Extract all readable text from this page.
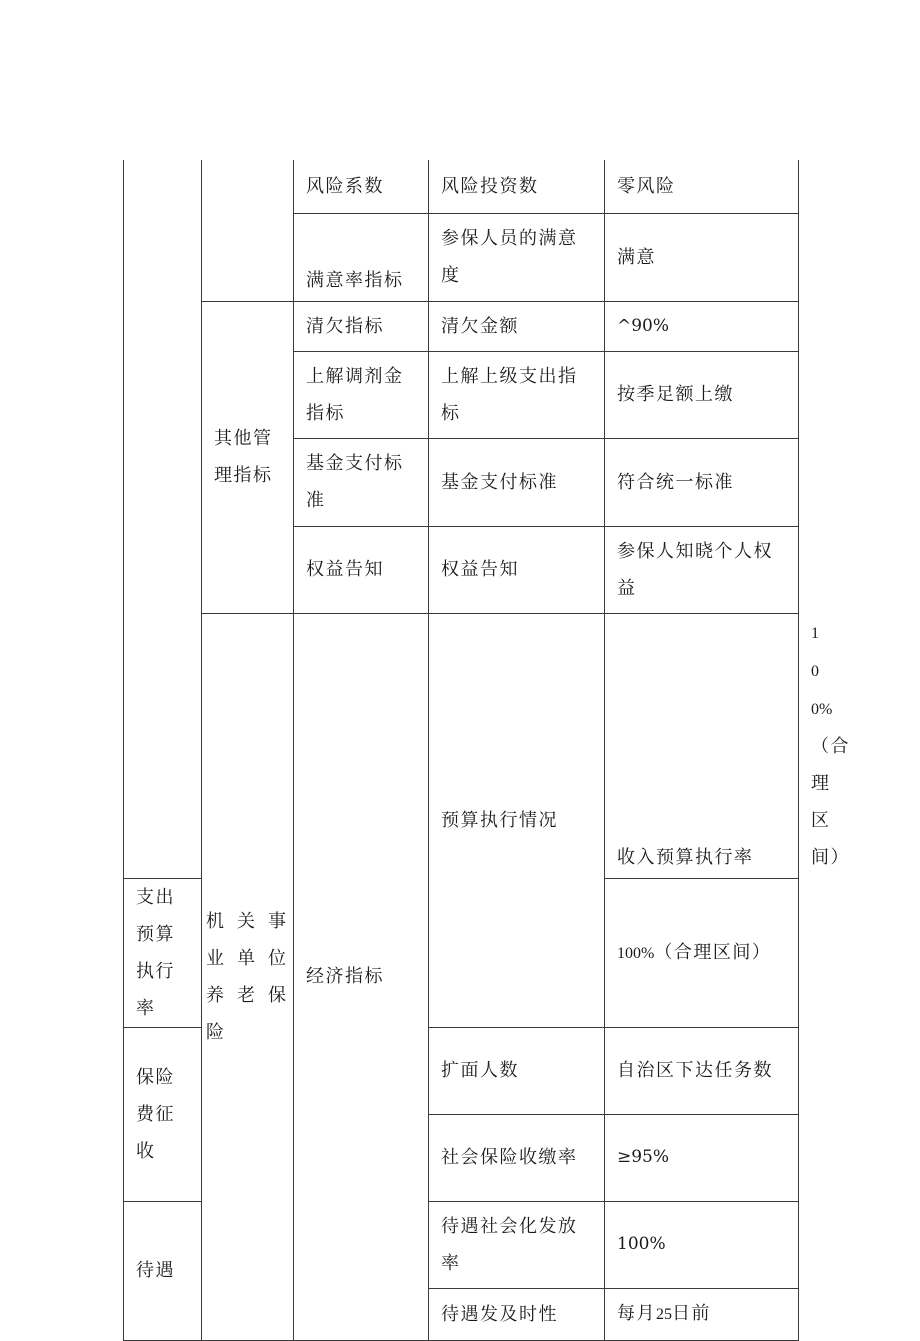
		风险系数	风险投资数	零风险	
		满意率指标	参保人员的满意度	满意	
	其他管理指标	清欠指标	清欠金额	^90%	
		上解调剂金指标	上解上级支出指标	按季足额上缴	
		基金支付标准	基金支付标准	符合统一标准	
		权益告知	权益告知	参保人知晓个人权益	

	机关事业单位养老保险	经济指标	预算执行情况	收入预算执行率	100%（合理区间）
支出预算执行率				100%（合理区间）	
保险费征收			扩面人数	自治区下达任务数	
			社会保险收缴率	≥95%	
待遇			待遇社会化发放率	100%	
			待遇发及时性	每月25日前	
